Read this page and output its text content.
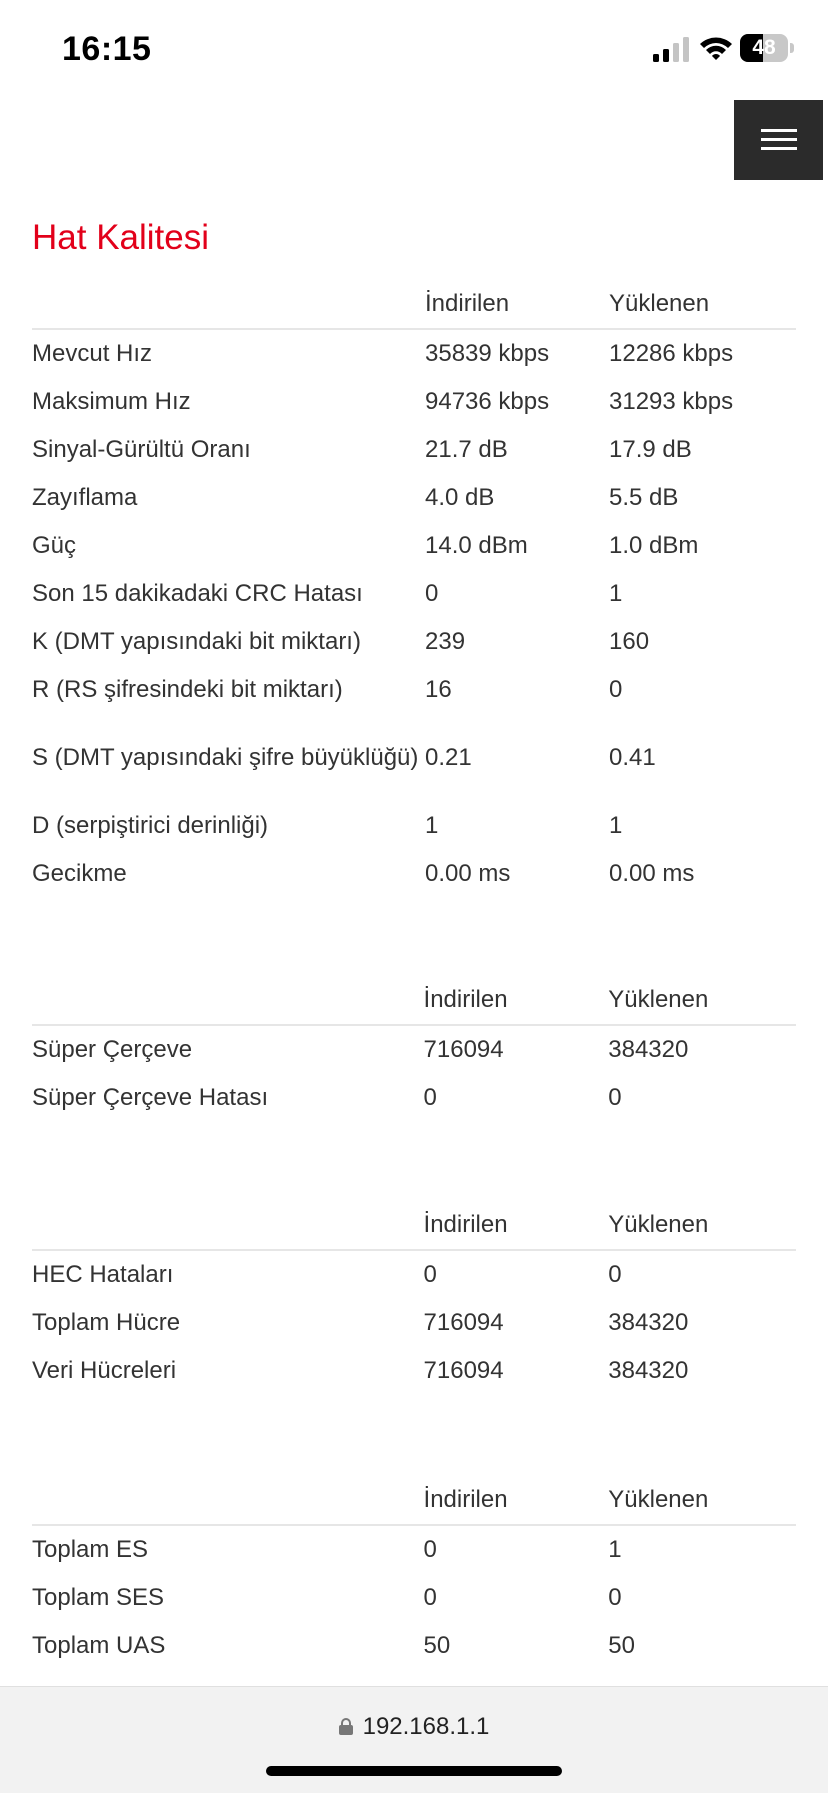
16:15	48
Hat Kalitesi
	İndirilen	Yüklenen
Mevcut Hız	35839 kbps	12286 kbps
Maksimum Hız	94736 kbps	31293 kbps
Sinyal-Gürültü Oranı	21.7 dB	17.9 dB
Zayıflama	4.0 dB	5.5 dB
Güç	14.0 dBm	1.0 dBm
Son 15 dakikadaki CRC Hatası	0	1
K (DMT yapısındaki bit miktarı)	239	160
R (RS şifresindeki bit miktarı)	16	0
S (DMT yapısındaki şifre büyüklüğü)	0.21	0.41
D (serpiştirici derinliği)	1	1
Gecikme	0.00 ms	0.00 ms
	İndirilen	Yüklenen
Süper Çerçeve	716094	384320
Süper Çerçeve Hatası	0	0
	İndirilen	Yüklenen
HEC Hataları	0	0
Toplam Hücre	716094	384320
Veri Hücreleri	716094	384320
	İndirilen	Yüklenen
Toplam ES	0	1
Toplam SES	0	0
Toplam UAS	50	50
192.168.1.1
